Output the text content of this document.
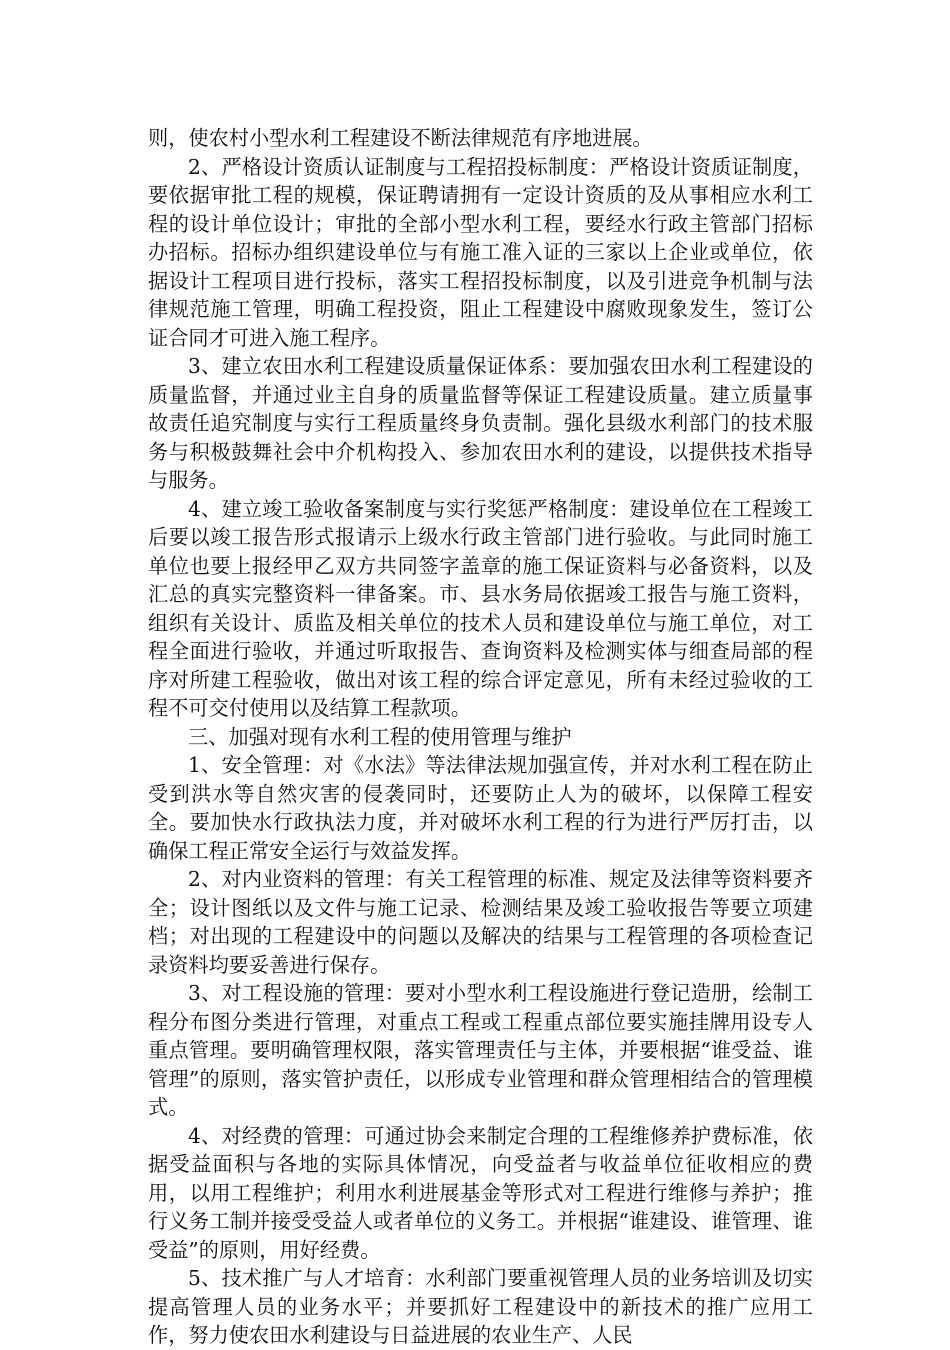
则，使农村小型水利工程建设不断法律规范有序地进展。

2、严格设计资质认证制度与工程招投标制度：严格设计资质证制度，要依据审批工程的规模，保证聘请拥有一定设计资质的及从事相应水利工程的设计单位设计；审批的全部小型水利工程，要经水行政主管部门招标办招标。招标办组织建设单位与有施工准入证的三家以上企业或单位，依据设计工程项目进行投标，落实工程招投标制度，以及引进竞争机制与法律规范施工管理，明确工程投资，阻止工程建设中腐败现象发生，签订公证合同才可进入施工程序。

3、建立农田水利工程建设质量保证体系：要加强农田水利工程建设的质量监督，并通过业主自身的质量监督等保证工程建设质量。建立质量事故责任追究制度与实行工程质量终身负责制。强化县级水利部门的技术服务与积极鼓舞社会中介机构投入、参加农田水利的建设，以提供技术指导与服务。

4、建立竣工验收备案制度与实行奖惩严格制度：建设单位在工程竣工后要以竣工报告形式报请示上级水行政主管部门进行验收。与此同时施工单位也要上报经甲乙双方共同签字盖章的施工保证资料与必备资料，以及汇总的真实完整资料一律备案。市、县水务局依据竣工报告与施工资料，组织有关设计、质监及相关单位的技术人员和建设单位与施工单位，对工程全面进行验收，并通过听取报告、查询资料及检测实体与细查局部的程序对所建工程验收，做出对该工程的综合评定意见，所有未经过验收的工程不可交付使用以及结算工程款项。

三、加强对现有水利工程的使用管理与维护

1、安全管理：对《水法》等法律法规加强宣传，并对水利工程在防止受到洪水等自然灾害的侵袭同时，还要防止人为的破坏，以保障工程安全。要加快水行政执法力度，并对破坏水利工程的行为进行严厉打击，以确保工程正常安全运行与效益发挥。

2、对内业资料的管理：有关工程管理的标准、规定及法律等资料要齐全；设计图纸以及文件与施工记录、检测结果及竣工验收报告等要立项建档；对出现的工程建设中的问题以及解决的结果与工程管理的各项检查记录资料均要妥善进行保存。

3、对工程设施的管理：要对小型水利工程设施进行登记造册，绘制工程分布图分类进行管理，对重点工程或工程重点部位要实施挂牌用设专人重点管理。要明确管理权限，落实管理责任与主体，并要根据“谁受益、谁管理”的原则，落实管护责任，以形成专业管理和群众管理相结合的管理模式。

4、对经费的管理：可通过协会来制定合理的工程维修养护费标准，依据受益面积与各地的实际具体情况，向受益者与收益单位征收相应的费用，以用工程维护；利用水利进展基金等形式对工程进行维修与养护；推行义务工制并接受受益人或者单位的义务工。并根据“谁建设、谁管理、谁受益”的原则，用好经费。

5、技术推广与人才培育：水利部门要重视管理人员的业务培训及切实提高管理人员的业务水平；并要抓好工程建设中的新技术的推广应用工作，努力使农田水利建设与日益进展的农业生产、人民
